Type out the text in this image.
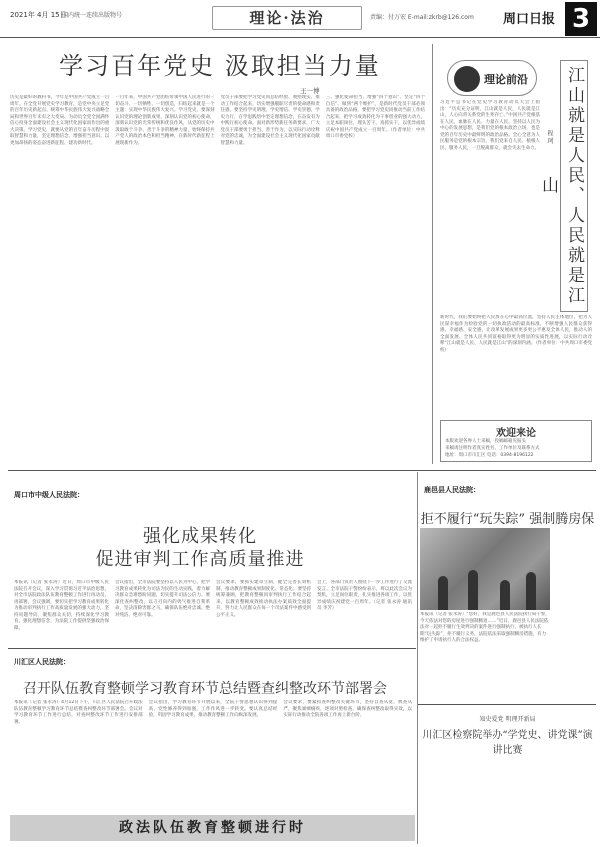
2021年 4月 15日
国内统一连续出版物号	理论·法治	责编：付万宏 E-mail:zkrb@126.com 周口日报 3
学习百年党史 汲取担当力量
王一博
历史是最好的教科书。今年是中国共产党成立一百周年。在全党开展党史学习教育，是党中央立足党的百年历史新起点、统筹中华民族伟大复兴战略全局和世界百年未有之大变局、为动员全党全国满怀信心投身全面建设社会主义现代化国家而作出的重大决策。学习党史，就要从党的百年奋斗历程中汲取智慧和力量，坚定理想信念，增强担当意识，以更加昂扬的姿态奋进新征程、建功新时代。
一百年来，中国共产党团结带领中国人民进行的一切奋斗、一切牺牲、一切创造，归结起来就是一个主题：实现中华民族伟大复兴。学习党史，要深刻认识党的理论创新成果，深刻认识党的初心使命，深刻认识党的光荣传统和优良作风，从党的历史中汲取敢于斗争、善于斗争的精神力量，始终保持共产党人的政治本色和担当精神，在新时代新征程上展现新作为。
党员干部要把学习党史同总结经验、观照现实、推动工作结合起来，切实增强履职尽责的使命感和责任感。要坚持学史明理、学史增信、学史崇德、学史力行，在学思践悟中坚定理想信念，在奋发有为中践行初心使命。面对新形势新任务新要求，广大党员干部要勇于担当、善于作为，以实际行动诠释对党的忠诚，为全面建设社会主义现代化国家贡献智慧和力量。
三、强化使命担当，增强“四个意识”、坚定“四个自信”、做到“两个维护”，是新时代党员干部必须具备的政治品格。要把学习党史同推动当前工作结合起来，把学习成效转化为干事创业的强大动力，立足本职岗位，埋头苦干、真抓实干，以优异成绩庆祝中国共产党成立一百周年。（作者单位：中共周口市委党校）
理论前沿 江山就是人民、人民就是江山
程 珂
习近平总书记在党史学习教育动员大会上指出：“历史充分证明，江山就是人民，人民就是江山，人心向背关系党的生死存亡。”中国共产党根基在人民、血脉在人民、力量在人民。坚持以人民为中心的发展思想，是我们党的根本政治立场，也是党的百年历史中最鲜明的政治品格。全心全意为人民服务是党的根本宗旨，我们党来自人民、植根人民、服务人民，一旦脱离群众，就会失去生命力。
新时代，我们要始终把人民放在心中最高位置，坚持人民主体地位，把为人民谋幸福作为检验党的一切执政活动的最高标准，不断增强人民群众获得感、幸福感、安全感，让改革发展成果更多更公平惠及全体人民，推动人的全面发展、全体人民共同富裕取得更为明显的实质性进展，以实际行动诠释“江山就是人民、人民就是江山”的深刻内涵。（作者单位：中共周口市委党校）
欢迎来论
本版欢迎各界人士来稿，投稿邮箱见报头
来稿请注明作者真实姓名、工作单位及联系方式
地址：周口市川汇区 电话：0394-8196122
周口市中级人民法院：
强化成果转化
促进审判工作高质量推进
本报讯（记者 张永涛）近日，周口市中级人民法院召开会议，深入学习贯彻习近平法治思想，对全市法院政法队伍教育整顿工作进行再动员、再部署。会议强调，要切实把学习教育成果转化为推动审判执行工作高质量发展的强大动力，坚持问题导向，聚焦群众关切，持续深化学习教育，强化理想信念，为法院工作提供坚强政治保障。
会议指出，全市法院要坚持以人民为中心，把学习教育成果转化为司法为民的生动实践，着力解决群众急难愁盼问题，切实提升司法公信力。要深化查纠整改，以刀刃向内的勇气推进自我革命，坚决清除害群之马，确保队伍绝对忠诚、绝对纯洁、绝对可靠。
会议要求，要抓实建章立制，健全完善长效机制，推动教育整顿成果制度化、常态化；要坚持统筹兼顾，把教育整顿同审判执行工作结合起来，以教育整顿成效推动执法办案质效全面提升，努力让人民群众在每一个司法案件中感受到公平正义。
会上，各部门负责人围绕下一步工作进行了交流发言。全市法院干警纷纷表示，将以此次会议为契机，立足岗位职责，扎实推进各项工作，以优异成绩庆祝建党一百周年。（记者 张永涛 通讯员 李芳）
川汇区人民法院：
召开队伍教育整顿学习教育环节总结暨查纠整改环节部署会
本报讯（记者 张永涛）4月12日下午，川汇区人民法院召开政法队伍教育整顿学习教育环节总结暨查纠整改环节部署会。会议对学习教育环节工作进行总结，对查纠整改环节工作进行安排部署。
会议指出，学习教育环节开展以来，全院干警思想认识得到提高，党性修养得到加强，工作作风进一步转变。要认真总结经验，巩固学习教育成果，推动教育整顿工作向纵深发展。
会议要求，要紧扣查纠整改关键环节，坚持自查从宽、被查从严，聚焦顽瘴痼疾，逐项对照检查，确保查纠整改取得实效，以实际行动推动全院各项工作再上新台阶。
政法队伍教育整顿进行时
鹿邑县人民法院：
拒不履行“玩失踪” 强制腾房保
本报讯（记者 张永涛）“您好，我是鹿邑县人民法院执行局干警，今天依法对您的房屋进行强制腾退……”近日，鹿邑县人民法院依法对一起拒不履行生效判决的案件进行强制执行，被执行人长期“玩失踪”，拒不履行义务，法院依法采取强制腾房措施，有力维护了申请执行人的合法权益。
知史爱党 明理开新局
川汇区检察院举办“学党史、讲党课”演讲比赛
